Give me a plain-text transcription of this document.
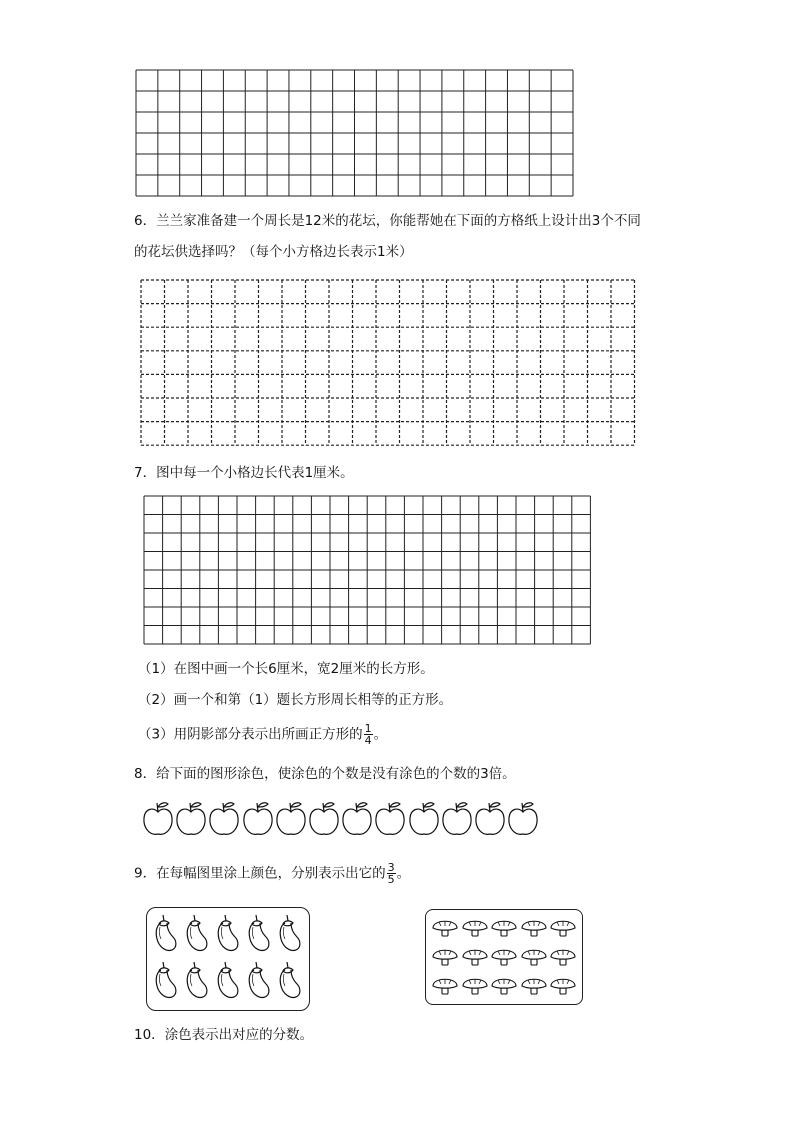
6．兰兰家准备建一个周长是12米的花坛，你能帮她在下面的方格纸上设计出3个不同
的花坛供选择吗？（每个小方格边长表示1米）
7．图中每一个小格边长代表1厘米。
（1）在图中画一个长6厘米，宽2厘米的长方形。
（2）画一个和第（1）题长方形周长相等的正方形。
（3）用阴影部分表示出所画正方形的 $\frac{1}{4}$ 。
8．给下面的图形涂色，使涂色的个数是没有涂色的个数的3倍。
9．在每幅图里涂上颜色，分别表示出它的 $\frac{3}{5}$ 。
10．涂色表示出对应的分数。
